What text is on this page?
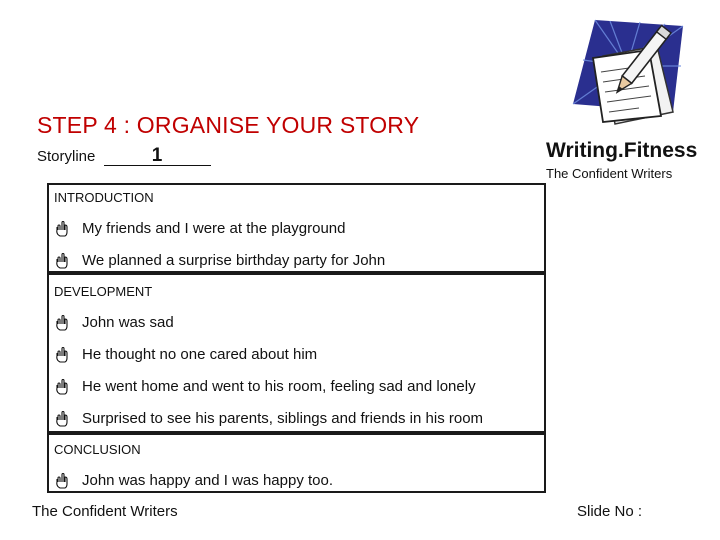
STEP 4 : ORGANISE YOUR STORY
Storyline	1	Writing.Fitness
The Confident Writers
INTRODUCTION
My friends and I were at the playground
We planned a surprise birthday party for John
DEVELOPMENT
John was sad
He thought no one cared about him
He went home and went to his room, feeling sad and lonely
Surprised to see his parents, siblings and friends in his room
CONCLUSION
John was happy and I was happy too.
The Confident Writers	Slide No :
